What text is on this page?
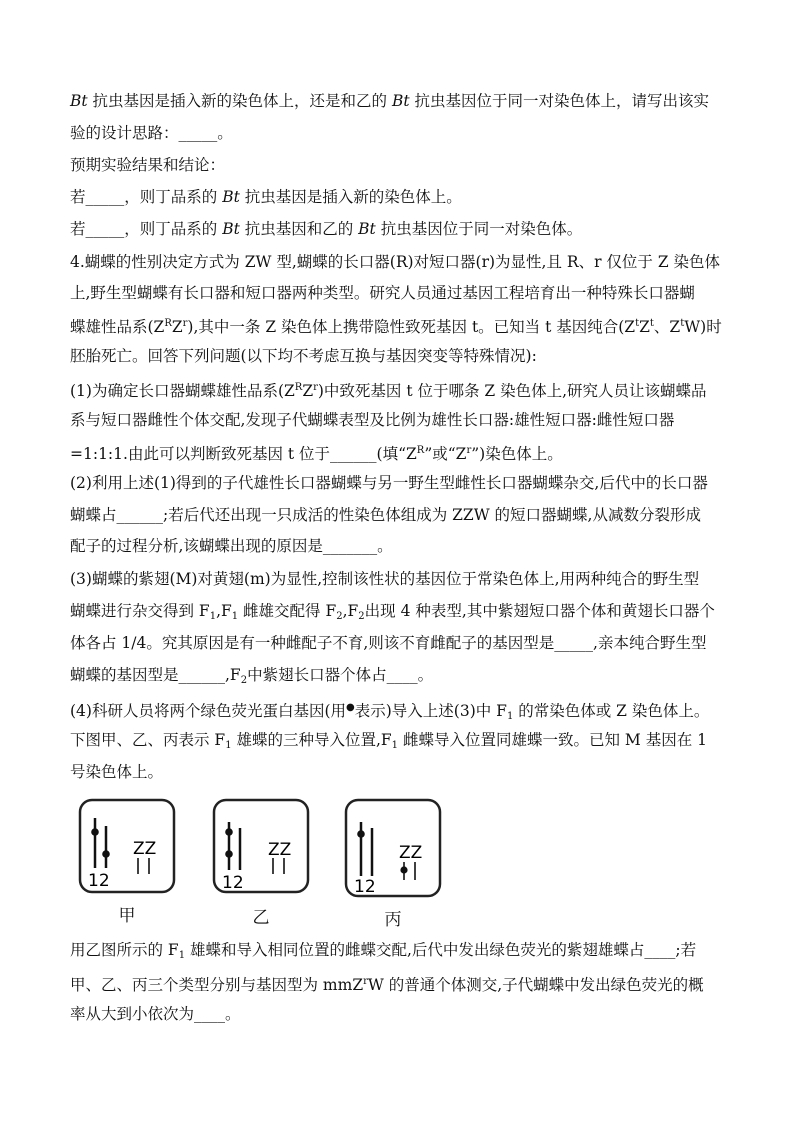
Bt 抗虫基因是插入新的染色体上，还是和乙的 Bt 抗虫基因位于同一对染色体上，请写出该实
验的设计思路：_____。
预期实验结果和结论：
若_____，则丁品系的 Bt 抗虫基因是插入新的染色体上。
若_____，则丁品系的 Bt 抗虫基因和乙的 Bt 抗虫基因位于同一对染色体。
4.蝴蝶的性别决定方式为 ZW 型,蝴蝶的长口器(R)对短口器(r)为显性,且 R、r 仅位于 Z 染色体
上,野生型蝴蝶有长口器和短口器两种类型。研究人员通过基因工程培育出一种特殊长口器蝴
蝶雄性品系$(Z^RZ^r)$,其中一条 Z 染色体上携带隐性致死基因 t。已知当 t 基因纯合($Z^tZ^t$、$Z^tW$)时
胚胎死亡。回答下列问题(以下均不考虑互换与基因突变等特殊情况):
(1)为确定长口器蝴蝶雄性品系$(Z^RZ^r)$中致死基因 t 位于哪条 Z 染色体上,研究人员让该蝴蝶品
系与短口器雌性个体交配,发现子代蝴蝶表型及比例为雄性长口器:雄性短口器:雌性短口器
=1:1:1.由此可以判断致死基因 t 位于______(填“$Z^R$”或“$Z^r$”)染色体上。
(2)利用上述(1)得到的子代雄性长口器蝴蝶与另一野生型雌性长口器蝴蝶杂交,后代中的长口器
蝴蝶占______;若后代还出现一只成活的性染色体组成为 ZZW 的短口器蝴蝶,从减数分裂形成
配子的过程分析,该蝴蝶出现的原因是_______。
(3)蝴蝶的紫翅(M)对黄翅(m)为显性,控制该性状的基因位于常染色体上,用两种纯合的野生型
蝴蝶进行杂交得到 $F_1,F_1$ 雌雄交配得 $F_2,F_2$出现 4 种表型,其中紫翅短口器个体和黄翅长口器个
体各占 1/4。究其原因是有一种雌配子不育,则该不育雌配子的基因型是_____,亲本纯合野生型
蝴蝶的基因型是$\_\_\_\_\_\_,F_2$中紫翅长口器个体占____。
(4)科研人员将两个绿色荧光蛋白基因(用●表示)导入上述(3)中 $F_1$ 的常染色体或 Z 染色体上。
下图甲、乙、丙表示 $F_1$ 雄蝶的三种导入位置$,F_1$ 雌蝶导入位置同雄蝶一致。已知 M 基因在 1
号染色体上。
用乙图所示的 $F_1$ 雄蝶和导入相同位置的雌蝶交配,后代中发出绿色荧光的紫翅雄蝶占____;若
甲、乙、丙三个类型分别与基因型为 mmZ$^r$W 的普通个体测交,子代蝴蝶中发出绿色荧光的概
率从大到小依次为____。
12
ZZ
甲
12
ZZ
乙
12
ZZ
丙
